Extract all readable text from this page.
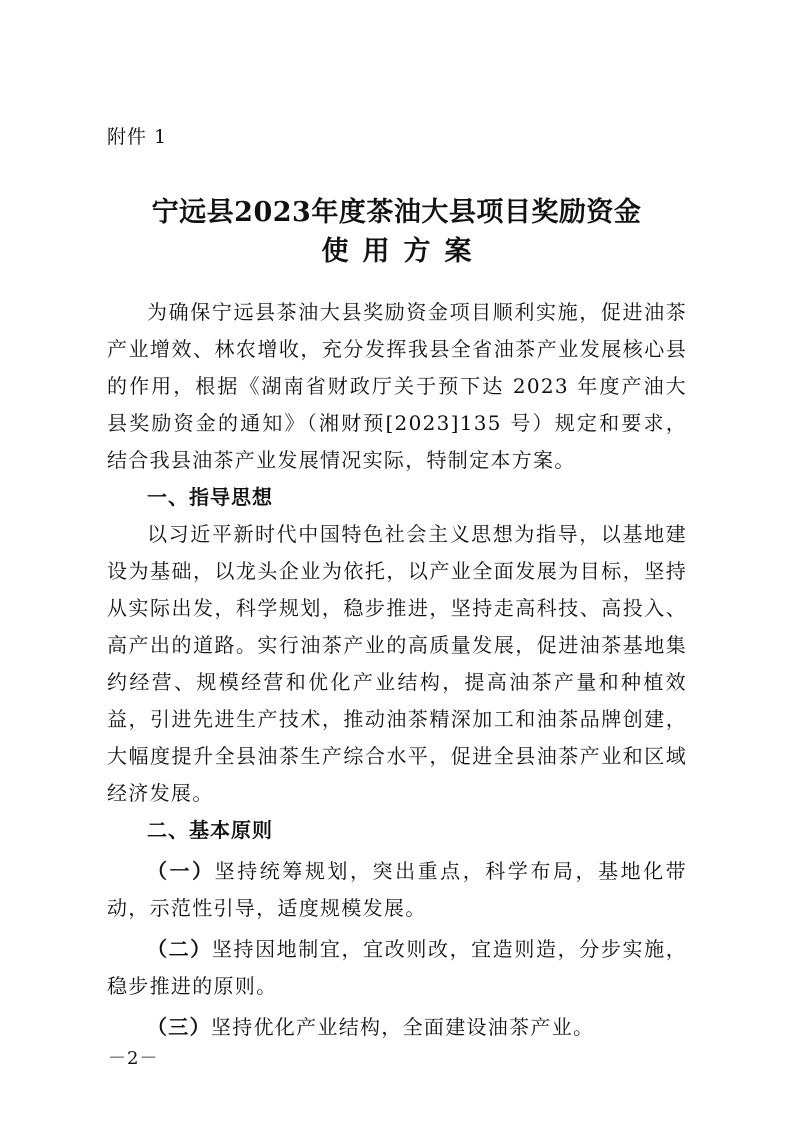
附件 1
宁远县2023年度茶油大县项目奖励资金
使用方案

为确保宁远县茶油大县奖励资金项目顺利实施，促进油茶产业增效、林农增收，充分发挥我县全省油茶产业发展核心县的作用，根据《湖南省财政厅关于预下达 2023 年度产油大县奖励资金的通知》（湘财预[2023]135 号）规定和要求，结合我县油茶产业发展情况实际，特制定本方案。

一、指导思想

以习近平新时代中国特色社会主义思想为指导，以基地建设为基础，以龙头企业为依托，以产业全面发展为目标，坚持从实际出发，科学规划，稳步推进，坚持走高科技、高投入、高产出的道路。实行油茶产业的高质量发展，促进油茶基地集约经营、规模经营和优化产业结构，提高油茶产量和种植效益，引进先进生产技术，推动油茶精深加工和油茶品牌创建，大幅度提升全县油茶生产综合水平，促进全县油茶产业和区域经济发展。

二、基本原则

（一）坚持统筹规划，突出重点，科学布局，基地化带动，示范性引导，适度规模发展。

（二）坚持因地制宜，宜改则改，宜造则造，分步实施，稳步推进的原则。

（三）坚持优化产业结构，全面建设油茶产业。

－2－
